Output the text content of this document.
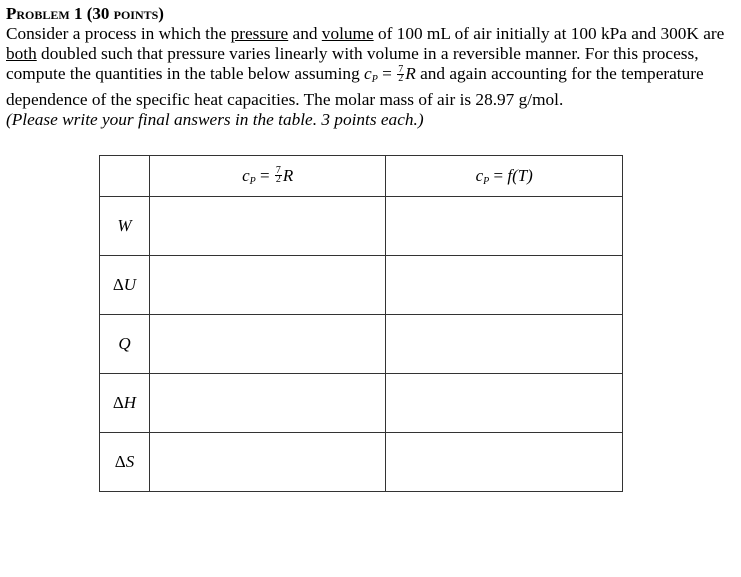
Problem 1 (30 points)

Consider a process in which the pressure and volume of 100 mL of air initially at 100 kPa and 300K are both doubled such that pressure varies linearly with volume in a reversible manner. For this process, compute the quantities in the table below assuming $c_P = \frac{7}{2}$ R and again accounting for the temperature dependence of the specific heat capacities. The molar mass of air is 28.97 g/mol.

(Please write your final answers in the table. 3 points each.)

	$c_P = \frac{7}{2}$ R	$c_P = f(T)$
W		
ΔU		
Q		
ΔH		
ΔS		
